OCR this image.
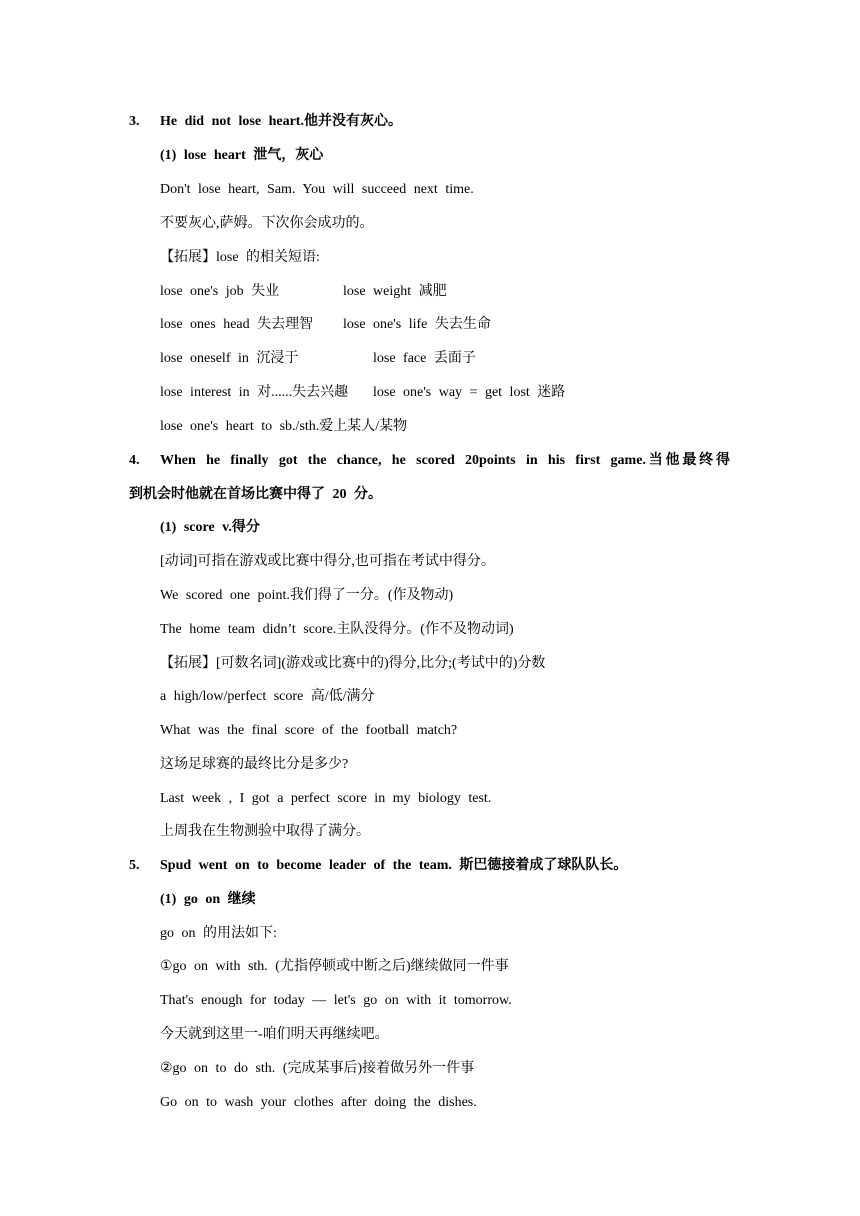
3. He did not lose heart.他并没有灰心。
(1) lose heart 泄气，灰心
Don't lose heart, Sam. You will succeed next time.
不要灰心,萨姆。下次你会成功的。
【拓展】lose 的相关短语:
lose one's job 失业	lose weight 减肥
lose ones head 失去理智 lose one's life 失去生命
lose oneself in 沉浸于	lose face 丢面子
lose interest in 对......失去兴趣 lose one's way = get lost 迷路
lose one's heart to sb./sth.爱上某人/某物
4. When he finally got the chance, he scored 20points in his first game.当他最终得
到机会时他就在首场比赛中得了 20 分。
(1) score v.得分
[动词]可指在游戏或比赛中得分,也可指在考试中得分。
We scored one point.我们得了一分。(作及物动)
The home team didn’t score.主队没得分。(作不及物动词)
【拓展】[可数名词](游戏或比赛中的)得分,比分;(考试中的)分数
a high/low/perfect score 高/低/满分
What was the final score of the football match?
这场足球赛的最终比分是多少?
Last week , I got a perfect score in my biology test.
上周我在生物测验中取得了满分。
5. Spud went on to become leader of the team. 斯巴德接着成了球队队长。
(1) go on 继续
go on 的用法如下:
①go on with sth. (尤指停顿或中断之后)继续做同一件事
That's enough for today — let's go on with it tomorrow.
今天就到这里一-咱们明天再继续吧。
②go on to do sth. (完成某事后)接着做另外一件事
Go on to wash your clothes after doing the dishes.
